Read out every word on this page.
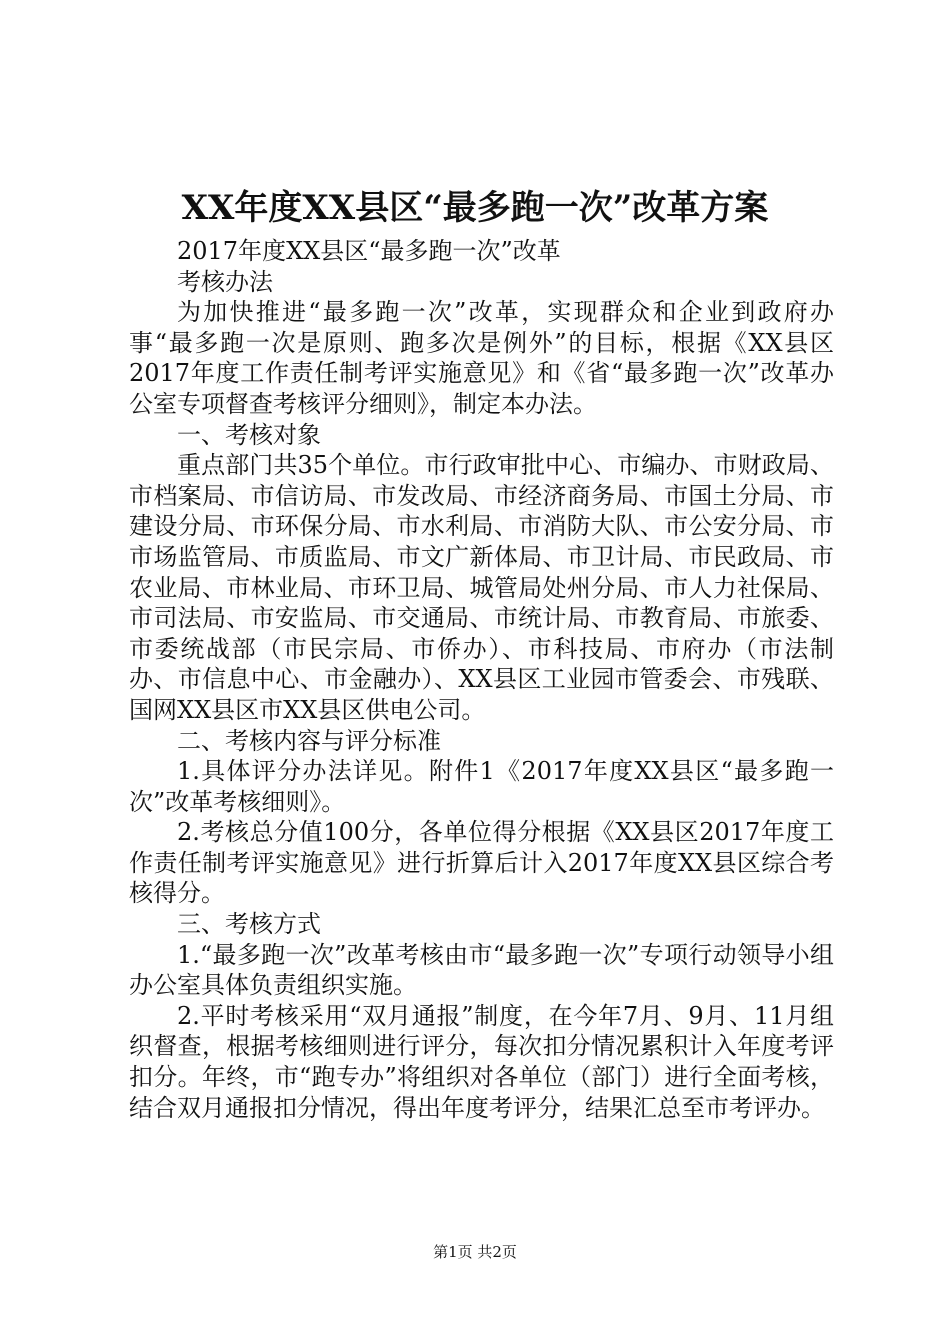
XX年度XX县区“最多跑一次”改革方案

2017年度XX县区“最多跑一次”改革

考核办法

为加快推进“最多跑一次”改革，实现群众和企业到政府办事“最多跑一次是原则、跑多次是例外”的目标，根据《XX县区2017年度工作责任制考评实施意见》和《省“最多跑一次”改革办公室专项督查考核评分细则》，制定本办法。

一、考核对象

重点部门共35个单位。市行政审批中心、市编办、市财政局、市档案局、市信访局、市发改局、市经济商务局、市国土分局、市建设分局、市环保分局、市水利局、市消防大队、市公安分局、市市场监管局、市质监局、市文广新体局、市卫计局、市民政局、市农业局、市林业局、市环卫局、城管局处州分局、市人力社保局、市司法局、市安监局、市交通局、市统计局、市教育局、市旅委、市委统战部（市民宗局、市侨办）、市科技局、市府办（市法制办、市信息中心、市金融办）、XX县区工业园市管委会、市残联、国网XX县区市XX县区供电公司。

二、考核内容与评分标准

1.具体评分办法详见。附件1《2017年度XX县区“最多跑一次”改革考核细则》。

2.考核总分值100分，各单位得分根据《XX县区2017年度工作责任制考评实施意见》进行折算后计入2017年度XX县区综合考核得分。

三、考核方式

1.“最多跑一次”改革考核由市“最多跑一次”专项行动领导小组办公室具体负责组织实施。

2.平时考核采用“双月通报”制度，在今年7月、9月、11月组织督查，根据考核细则进行评分，每次扣分情况累积计入年度考评扣分。年终，市“跑专办”将组织对各单位（部门）进行全面考核，结合双月通报扣分情况，得出年度考评分，结果汇总至市考评办。

第1页 共2页
